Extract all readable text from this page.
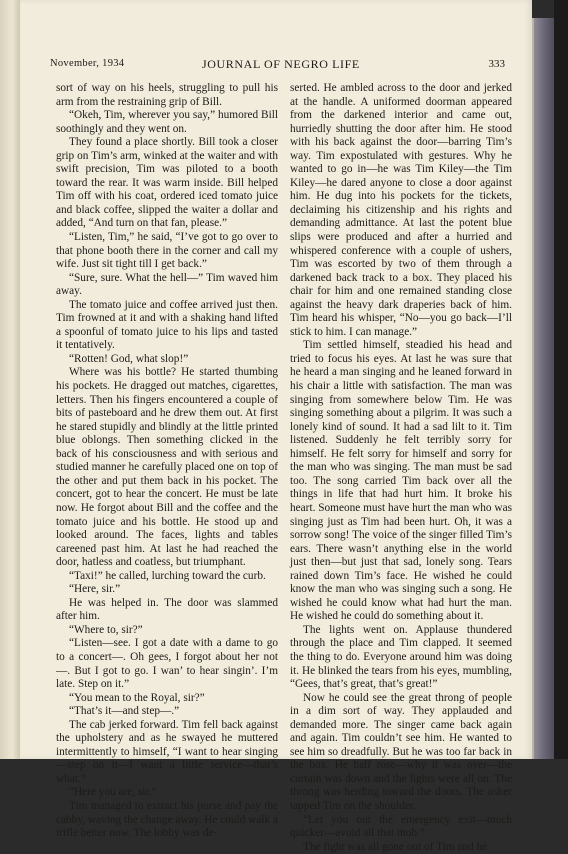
November, 1934	JOURNAL OF NEGRO LIFE	333

sort of way on his heels, struggling to pull his arm from the restraining grip of Bill.

“Okeh, Tim, wherever you say,” humored Bill soothingly and they went on.

They found a place shortly. Bill took a closer grip on Tim’s arm, winked at the waiter and with swift precision, Tim was piloted to a booth toward the rear. It was warm inside. Bill helped Tim off with his coat, ordered iced tomato juice and black coffee, slipped the waiter a dollar and added, “And turn on that fan, please.”

“Listen, Tim,” he said, “I’ve got to go over to that phone booth there in the corner and call my wife. Just sit tight till I get back.”

“Sure, sure. What the hell—” Tim waved him away.

The tomato juice and coffee arrived just then. Tim frowned at it and with a shaking hand lifted a spoonful of tomato juice to his lips and tasted it tentatively.

“Rotten! God, what slop!”

Where was his bottle? He started thumbing his pockets. He dragged out matches, cigarettes, letters. Then his fingers encountered a couple of bits of pasteboard and he drew them out. At first he stared stupidly and blindly at the little printed blue oblongs. Then something clicked in the back of his consciousness and with serious and studied manner he carefully placed one on top of the other and put them back in his pocket. The concert, got to hear the concert. He must be late now. He forgot about Bill and the coffee and the tomato juice and his bottle. He stood up and looked around. The faces, lights and tables careened past him. At last he had reached the door, hatless and coatless, but triumphant.

“Taxi!” he called, lurching toward the curb.

“Here, sir.”

He was helped in. The door was slammed after him.

“Where to, sir?”

“Listen—see. I got a date with a dame to go to a concert—. Oh gees, I forgot about her not—. But I got to go. I wan’ to hear singin’. I’m late. Step on it.”

“You mean to the Royal, sir?”

“That’s it—and step—.”

The cab jerked forward. Tim fell back against the upholstery and as he swayed he muttered intermittently to himself, “I want to hear singing—step on it—I want a little service—that’s what.”

“Here you are, sir.”

Tim managed to extract his purse and pay the cabby, waving the change away. He could walk a trifle better now. The lobby was de-

serted. He ambled across to the door and jerked at the handle. A uniformed doorman appeared from the darkened interior and came out, hurriedly shutting the door after him. He stood with his back against the door—barring Tim’s way. Tim expostulated with gestures. Why he wanted to go in—he was Tim Kiley—the Tim Kiley—he dared anyone to close a door against him. He dug into his pockets for the tickets, declaiming his citizenship and his rights and demanding admittance. At last the potent blue slips were produced and after a hurried and whispered conference with a couple of ushers, Tim was escorted by two of them through a darkened back track to a box. They placed his chair for him and one remained standing close against the heavy dark draperies back of him. Tim heard his whisper, “No—you go back—I’ll stick to him. I can manage.”

Tim settled himself, steadied his head and tried to focus his eyes. At last he was sure that he heard a man singing and he leaned forward in his chair a little with satisfaction. The man was singing from somewhere below Tim. He was singing something about a pilgrim. It was such a lonely kind of sound. It had a sad lilt to it. Tim listened. Suddenly he felt terribly sorry for himself. He felt sorry for himself and sorry for the man who was singing. The man must be sad too. The song carried Tim back over all the things in life that had hurt him. It broke his heart. Someone must have hurt the man who was singing just as Tim had been hurt. Oh, it was a sorrow song! The voice of the singer filled Tim’s ears. There wasn’t anything else in the world just then—but just that sad, lonely song. Tears rained down Tim’s face. He wished he could know the man who was singing such a song. He wished he could know what had hurt the man. He wished he could do something about it.

The lights went on. Applause thundered through the place and Tim clapped. It seemed the thing to do. Everyone around him was doing it. He blinked the tears from his eyes, mumbling, “Gees, that’s great, that’s great!”

Now he could see the great throng of people in a dim sort of way. They applauded and demanded more. The singer came back again and again. Tim couldn’t see him. He wanted to see him so dreadfully. But he was too far back in the box. He half rose—why it was over—the curtain was down and the lights were all on. The throng was herding toward the doors. The usher tapped Tim on the shoulder.

“Let you out the emergency exit—much quicker—avoid all that mob.”

The fight was all gone out of Tim and he
